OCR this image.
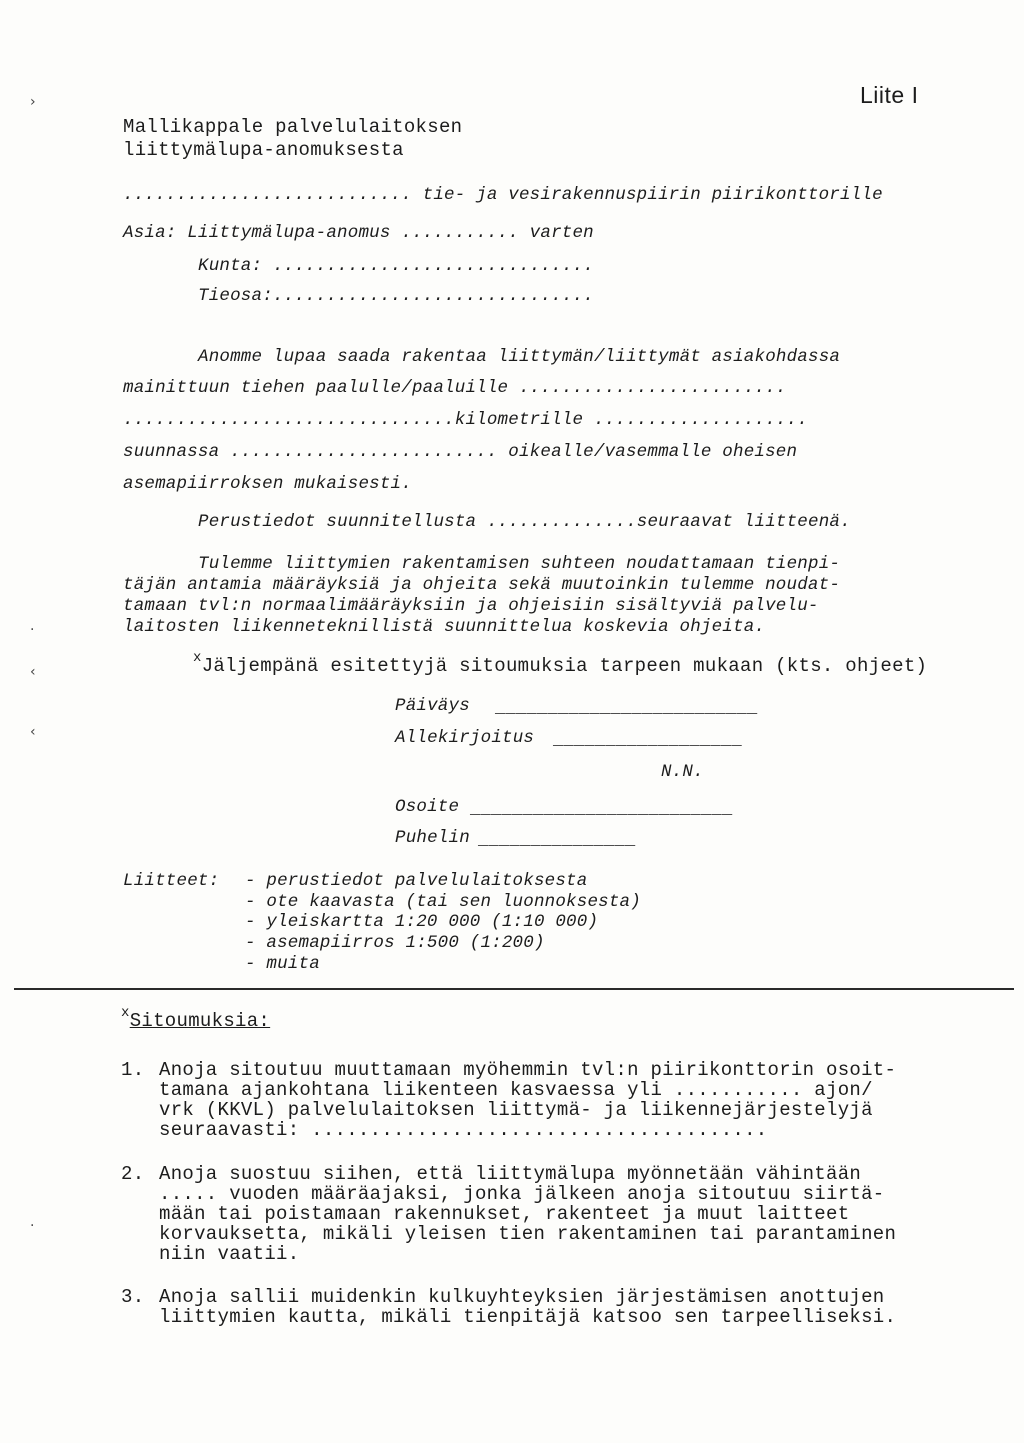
›
‹
‹
·
·
Liite I
Mallikappale palvelulaitoksen
liittymälupa-anomuksesta
........................... tie- ja vesirakennuspiirin piirikonttorille
Asia: Liittymälupa-anomus ........... varten
Kunta: ..............................
Tieosa:..............................
Anomme lupaa saada rakentaa liittymän/liittymät asiakohdassa
mainittuun tiehen paalulle/paaluille .........................
...............................kilometrille ....................
suunnassa ......................... oikealle/vasemmalle oheisen
asemapiirroksen mukaisesti.
Perustiedot suunnitellusta ..............seuraavat liitteenä.
Tulemme liittymien rakentamisen suhteen noudattamaan tienpi-
täjän antamia määräyksiä ja ohjeita sekä muutoinkin tulemme noudat-
tamaan tvl:n normaalimääräyksiin ja ohjeisiin sisältyviä palvelu-
laitosten liikenneteknillistä suunnittelua koskevia ohjeita.
$^x$Jäljempänä esitettyjä sitoumuksia tarpeen mukaan (kts. ohjeet)
Päiväys _________________________
Allekirjoitus __________________
N.N.
Osoite _________________________
Puhelin _______________
Liitteet: - perustiedot palvelulaitoksesta
- ote kaavasta (tai sen luonnoksesta)
- yleiskartta 1:20 000 (1:10 000)
- asemapiirros 1:500 (1:200)
- muita
$^x$Sitoumuksia:
1. Anoja sitoutuu muuttamaan myöhemmin tvl:n piirikonttorin osoit-
tamana ajankohtana liikenteen kasvaessa yli ........... ajon/
vrk (KKVL) palvelulaitoksen liittymä- ja liikennejärjestelyjä
seuraavasti: .......................................
2. Anoja suostuu siihen, että liittymälupa myönnetään vähintään
..... vuoden määräajaksi, jonka jälkeen anoja sitoutuu siirtä-
mään tai poistamaan rakennukset, rakenteet ja muut laitteet
korvauksetta, mikäli yleisen tien rakentaminen tai parantaminen
niin vaatii.
3. Anoja sallii muidenkin kulkuyhteyksien järjestämisen anottujen
liittymien kautta, mikäli tienpitäjä katsoo sen tarpeelliseksi.
